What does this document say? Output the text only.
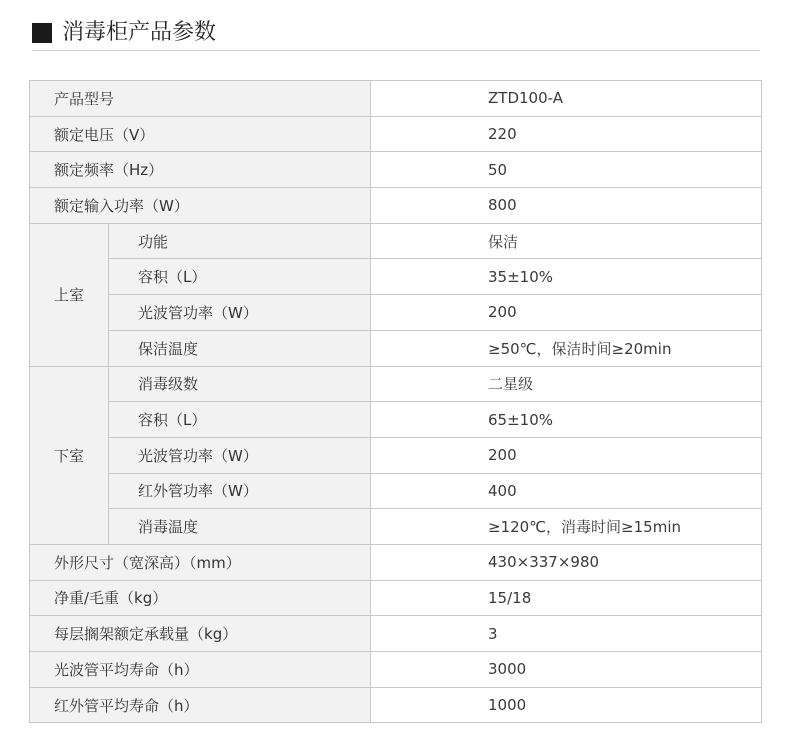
消毒柜产品参数
产品型号		ZTD100-A
额定电压（V）		220
额定频率（Hz）		50
额定输入功率（W）		800
上室	功能	保洁
	容积（L）	35±10%
	光波管功率（W）	200
	保洁温度	≥50℃，保洁时间≥20min
下室	消毒级数	二星级
	容积（L）	65±10%
	光波管功率（W）	200
	红外管功率（W）	400
	消毒温度	≥120℃，消毒时间≥15min
外形尺寸（宽深高）（mm）		430×337×980
净重/毛重（kg）		15/18
每层搁架额定承载量（kg）		3
光波管平均寿命（h）		3000
红外管平均寿命（h）		1000
